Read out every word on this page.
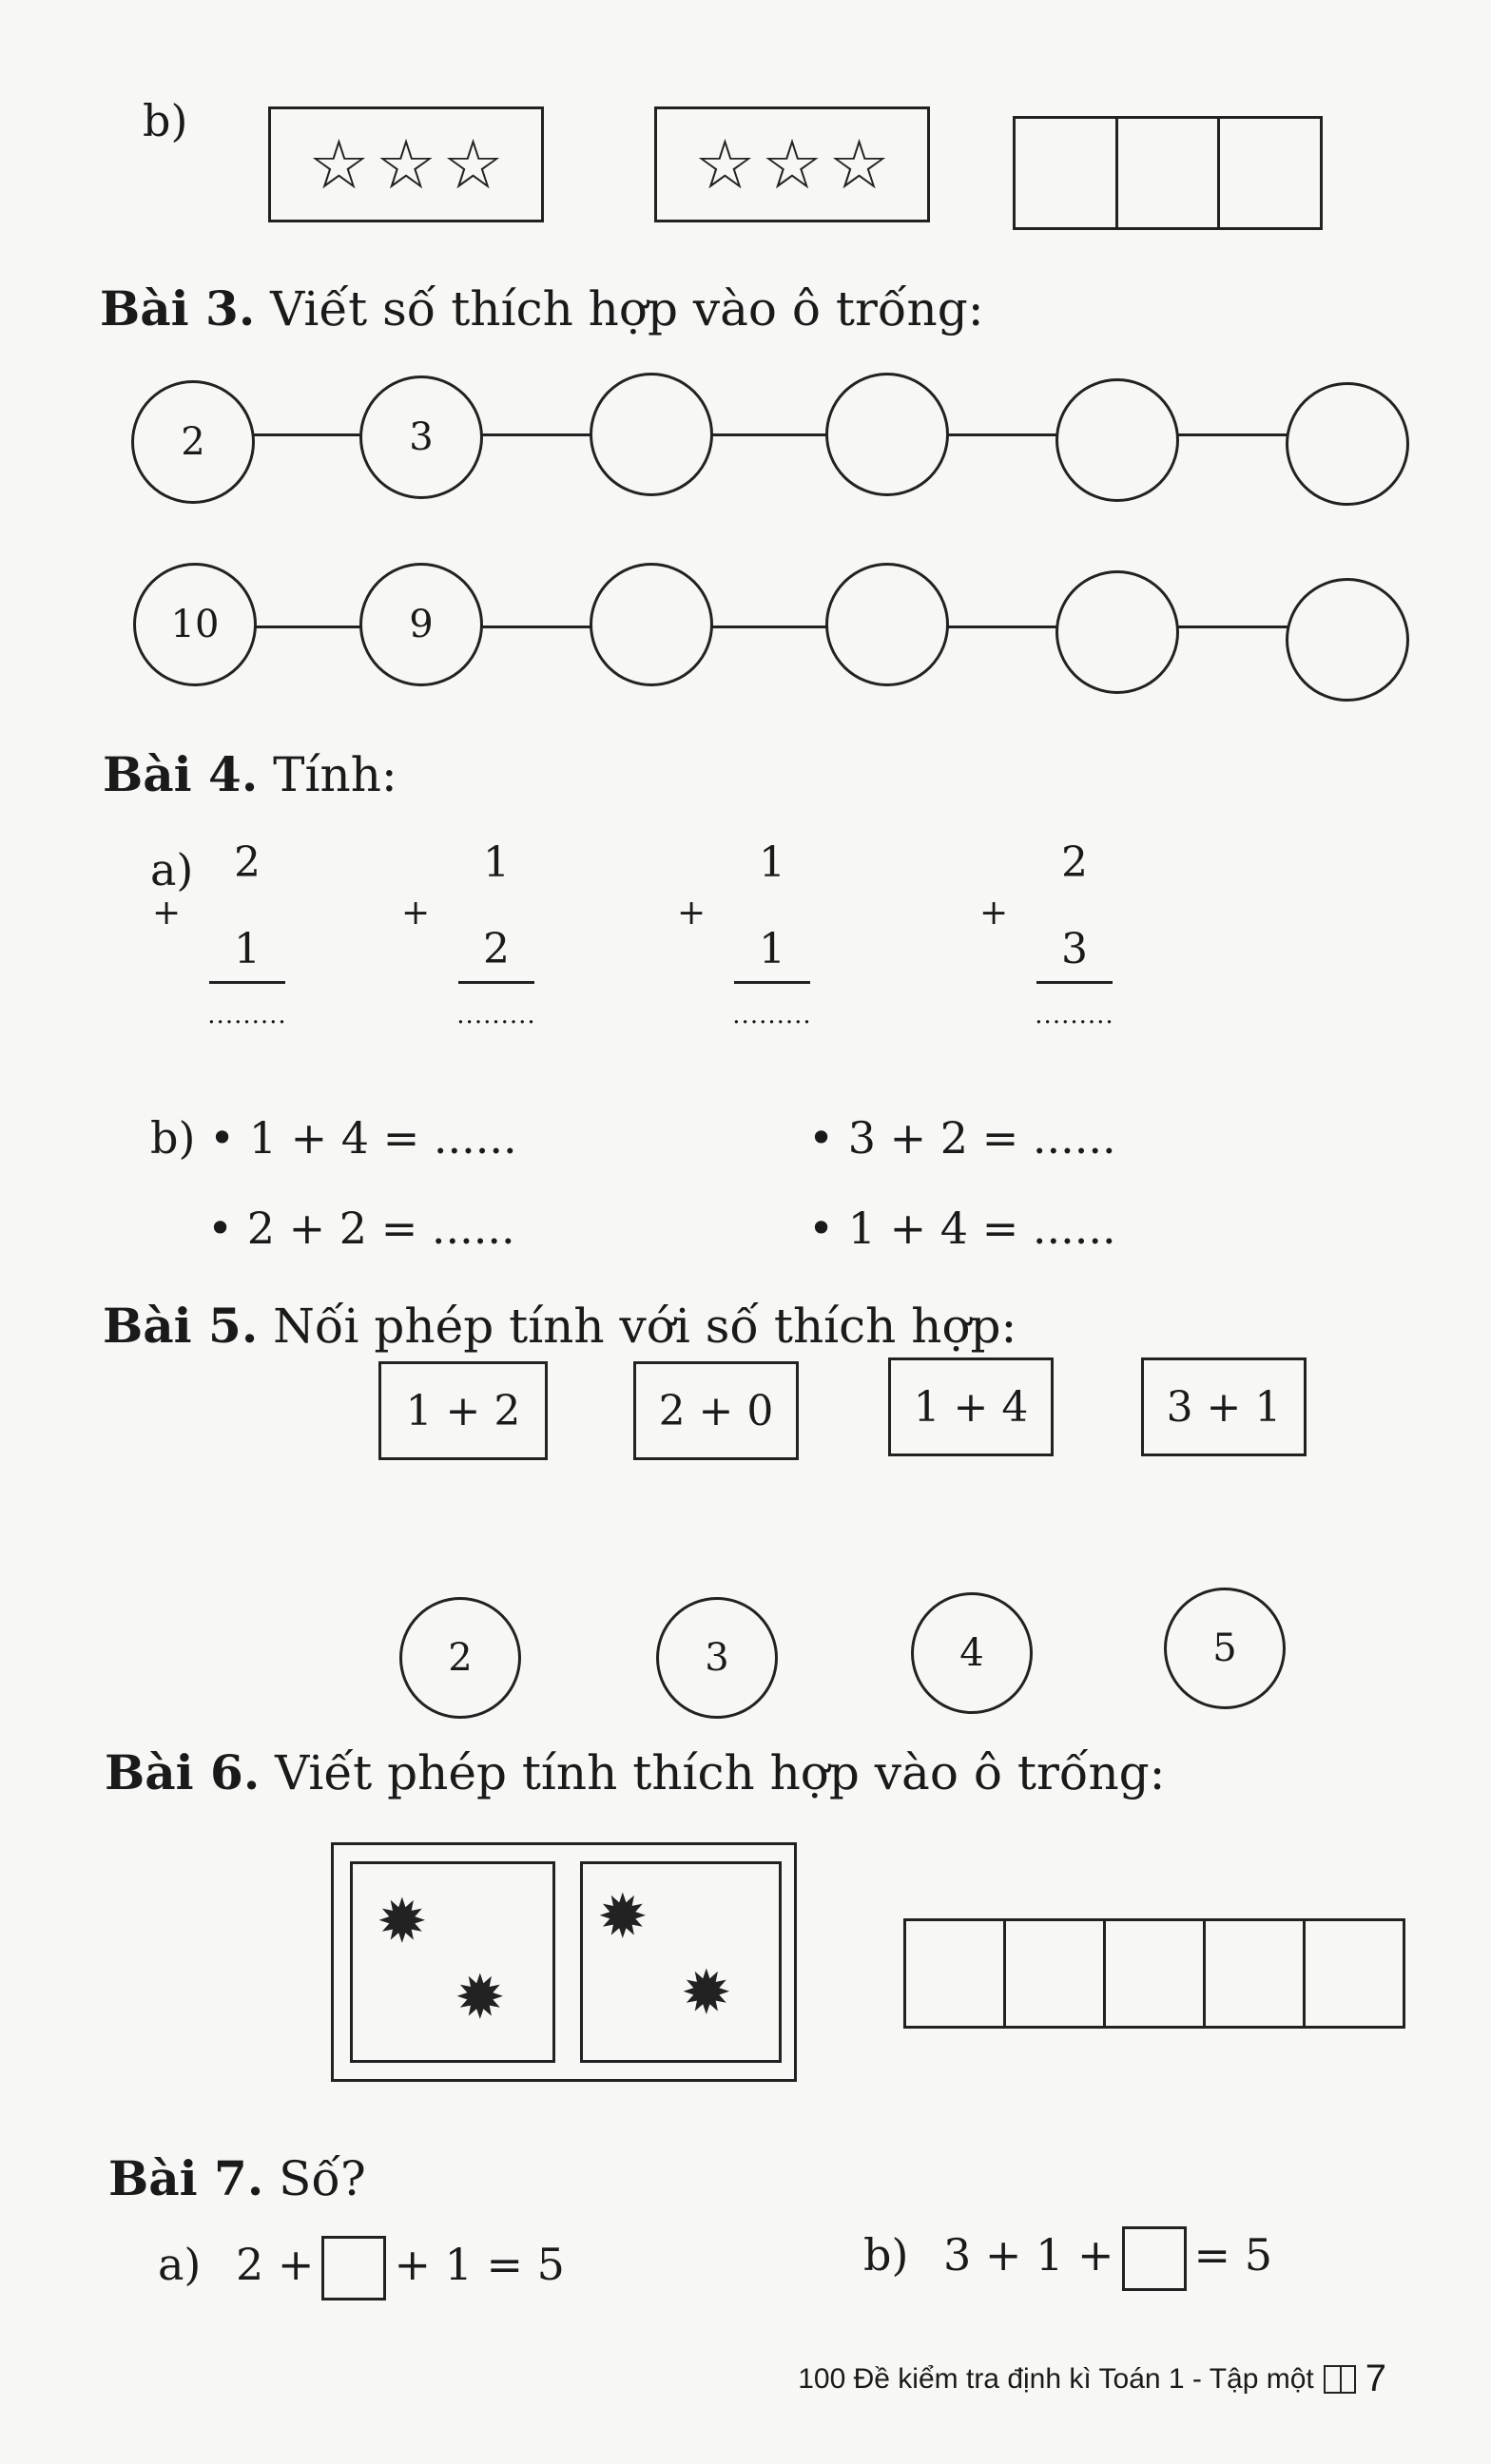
b)
☆ ☆ ☆	☆ ☆ ☆
Bài 3. Viết số thích hợp vào ô trống:
2	3
10	9
Bài 4. Tính:
a) 2
+
1
.........
1
+
2
.........
1
+
1
.........
2
+
3
.........
b) • 1 + 4 = ......	• 3 + 2 = ......
• 2 + 2 = ......	• 1 + 4 = ......
Bài 5. Nối phép tính với số thích hợp:
1 + 2	2 + 0	1 + 4	3 + 1
2	3	4	5
Bài 6. Viết phép tính thích hợp vào ô trống:
✹
✹
✹
✹
Bài 7. Số?
a) 2 + + 1 = 5	b) 3 + 1 + = 5
100 Đề kiểm tra định kì Toán 1 - Tập một 7
